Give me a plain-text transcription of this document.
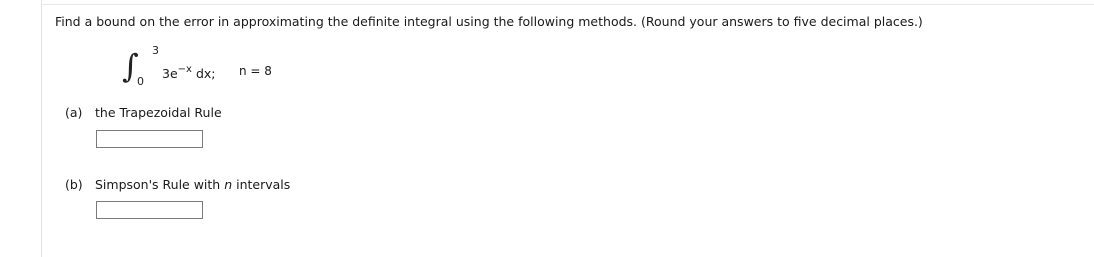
Find a bound on the error in approximating the definite integral using the following methods. (Round your answers to five decimal places.)
∫ 3
0
$3e^{-x}$ dx; n = 8
(a) the Trapezoidal Rule
(b) Simpson's Rule with n intervals
